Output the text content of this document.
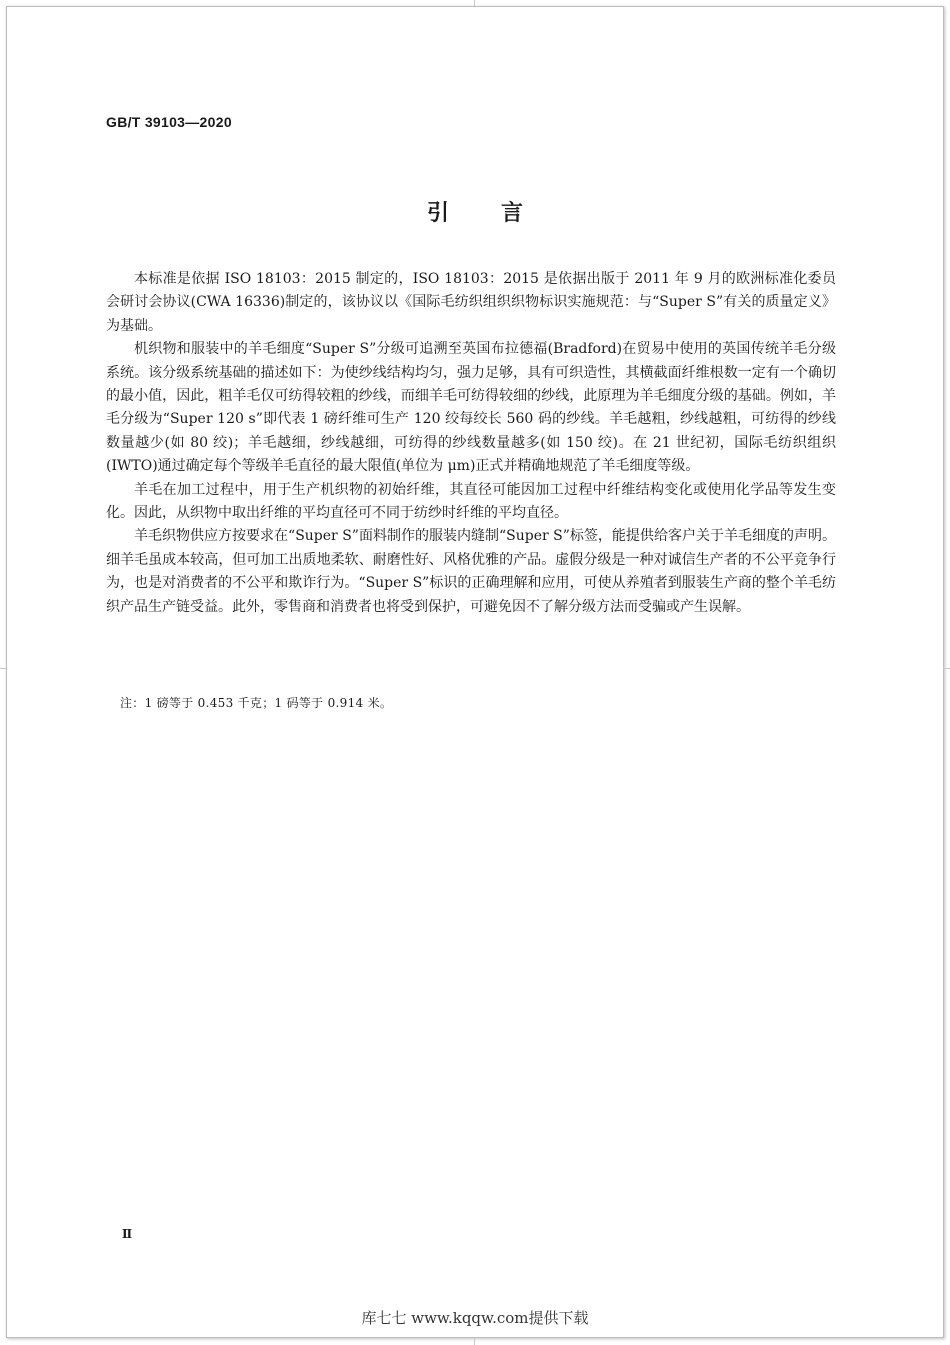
GB/T 39103—2020
引言

本标准是依据 ISO 18103：2015 制定的，ISO 18103：2015 是依据出版于 2011 年 9 月的欧洲标准化委员会研讨会协议(CWA 16336)制定的，该协议以《国际毛纺织组织织物标识实施规范：与“Super S”有关的质量定义》为基础。

机织物和服装中的羊毛细度“Super S”分级可追溯至英国布拉德福(Bradford)在贸易中使用的英国传统羊毛分级系统。该分级系统基础的描述如下：为使纱线结构均匀，强力足够，具有可织造性，其横截面纤维根数一定有一个确切的最小值，因此，粗羊毛仅可纺得较粗的纱线，而细羊毛可纺得较细的纱线，此原理为羊毛细度分级的基础。例如，羊毛分级为“Super 120 s”即代表 1 磅纤维可生产 120 绞每绞长 560 码的纱线。羊毛越粗，纱线越粗，可纺得的纱线数量越少(如 80 绞)；羊毛越细，纱线越细，可纺得的纱线数量越多(如 150 绞)。在 21 世纪初，国际毛纺织组织(IWTO)通过确定每个等级羊毛直径的最大限值(单位为 μm)正式并精确地规范了羊毛细度等级。

羊毛在加工过程中，用于生产机织物的初始纤维，其直径可能因加工过程中纤维结构变化或使用化学品等发生变化。因此，从织物中取出纤维的平均直径可不同于纺纱时纤维的平均直径。

羊毛织物供应方按要求在“Super S”面料制作的服装内缝制“Super S”标签，能提供给客户关于羊毛细度的声明。细羊毛虽成本较高，但可加工出质地柔软、耐磨性好、风格优雅的产品。虚假分级是一种对诚信生产者的不公平竞争行为，也是对消费者的不公平和欺诈行为。“Super S”标识的正确理解和应用，可使从养殖者到服装生产商的整个羊毛纺织产品生产链受益。此外，零售商和消费者也将受到保护，可避免因不了解分级方法而受骗或产生误解。

注：1 磅等于 0.453 千克；1 码等于 0.914 米。
Ⅱ
库七七 www.kqqw.com提供下载
